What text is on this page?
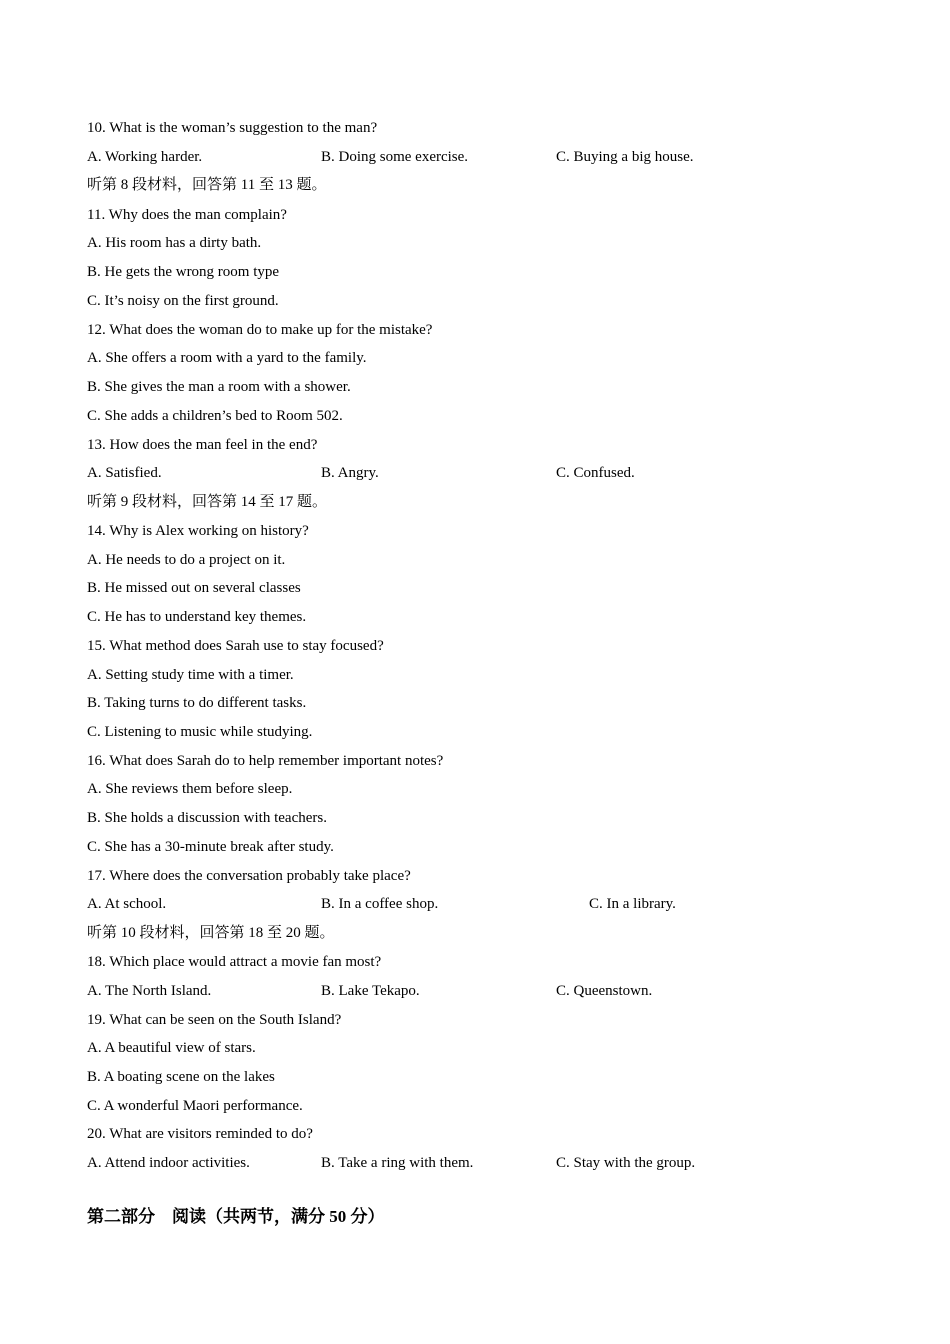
10. What is the woman’s suggestion to the man?
A. Working harder.	B. Doing some exercise.	C. Buying a big house.
听第 8 段材料，回答第 11 至 13 题。
11. Why does the man complain?
A. His room has a dirty bath.
B. He gets the wrong room type
C. It’s noisy on the first ground.
12. What does the woman do to make up for the mistake?
A. She offers a room with a yard to the family.
B. She gives the man a room with a shower.
C. She adds a children’s bed to Room 502.
13. How does the man feel in the end?
A. Satisfied.	B. Angry.	C. Confused.
听第 9 段材料，回答第 14 至 17 题。
14. Why is Alex working on history?
A. He needs to do a project on it.
B. He missed out on several classes
C. He has to understand key themes.
15. What method does Sarah use to stay focused?
A. Setting study time with a timer.
B. Taking turns to do different tasks.
C. Listening to music while studying.
16. What does Sarah do to help remember important notes?
A. She reviews them before sleep.
B. She holds a discussion with teachers.
C. She has a 30-minute break after study.
17. Where does the conversation probably take place?
A. At school.	B. In a coffee shop.	C. In a library.
听第 10 段材料，回答第 18 至 20 题。
18. Which place would attract a movie fan most?
A. The North Island.	B. Lake Tekapo.	C. Queenstown.
19. What can be seen on the South Island?
A. A beautiful view of stars.
B. A boating scene on the lakes
C. A wonderful Maori performance.
20. What are visitors reminded to do?
A. Attend indoor activities.	B. Take a ring with them.	C. Stay with the group.
第二部分　阅读（共两节，满分 50 分）
